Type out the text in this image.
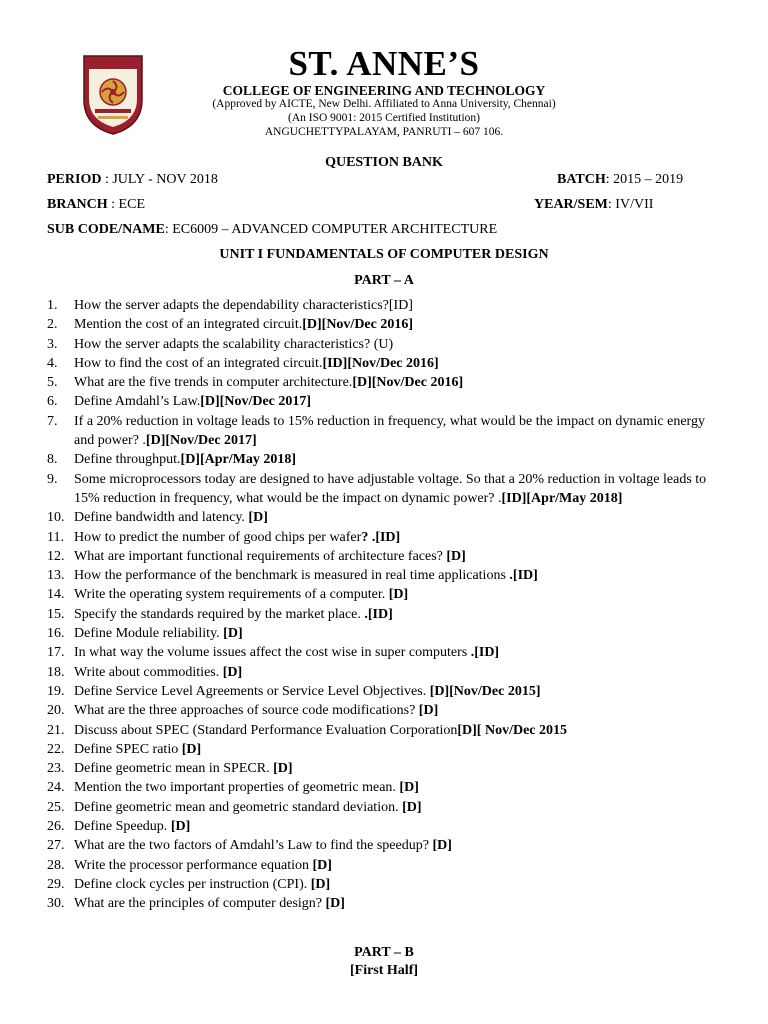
ST. ANNE’S
COLLEGE OF ENGINEERING AND TECHNOLOGY
(Approved by AICTE, New Delhi. Affiliated to Anna University, Chennai)
(An ISO 9001: 2015 Certified Institution)
ANGUCHETTYPALAYAM, PANRUTI – 607 106.
QUESTION BANK
PERIOD : JULY - NOV 2018	BATCH: 2015 – 2019
BRANCH : ECE	YEAR/SEM: IV/VII
SUB CODE/NAME: EC6009 – ADVANCED COMPUTER ARCHITECTURE
UNIT I FUNDAMENTALS OF COMPUTER DESIGN
PART – A
1.	How the server adapts the dependability characteristics?[ID]
2.	Mention the cost of an integrated circuit.[D][Nov/Dec 2016]
3.	How the server adapts the scalability characteristics? (U)
4.	How to find the cost of an integrated circuit.[ID][Nov/Dec 2016]
5.	What are the five trends in computer architecture.[D][Nov/Dec 2016]
6.	Define Amdahl’s Law.[D][Nov/Dec 2017]
7.	If a 20% reduction in voltage leads to 15% reduction in frequency, what would be the impact on dynamic energy and power? .[D][Nov/Dec 2017]
8.	Define throughput.[D][Apr/May 2018]
9.	Some microprocessors today are designed to have adjustable voltage. So that a 20% reduction in voltage leads to 15% reduction in frequency, what would be the impact on dynamic power? .[ID][Apr/May 2018]
10. Define bandwidth and latency. [D]
11. How to predict the number of good chips per wafer? .[ID]
12. What are important functional requirements of architecture faces? [D]
13. How the performance of the benchmark is measured in real time applications .[ID]
14. Write the operating system requirements of a computer. [D]
15. Specify the standards required by the market place. .[ID]
16. Define Module reliability. [D]
17. In what way the volume issues affect the cost wise in super computers .[ID]
18. Write about commodities. [D]
19. Define Service Level Agreements or Service Level Objectives. [D][Nov/Dec 2015]
20. What are the three approaches of source code modifications? [D]
21. Discuss about SPEC (Standard Performance Evaluation Corporation[D][ Nov/Dec 2015
22. Define SPEC ratio [D]
23. Define geometric mean in SPECR. [D]
24. Mention the two important properties of geometric mean. [D]
25. Define geometric mean and geometric standard deviation. [D]
26. Define Speedup. [D]
27. What are the two factors of Amdahl’s Law to find the speedup? [D]
28. Write the processor performance equation [D]
29. Define clock cycles per instruction (CPI). [D]
30. What are the principles of computer design? [D]
PART – B
[First Half]
